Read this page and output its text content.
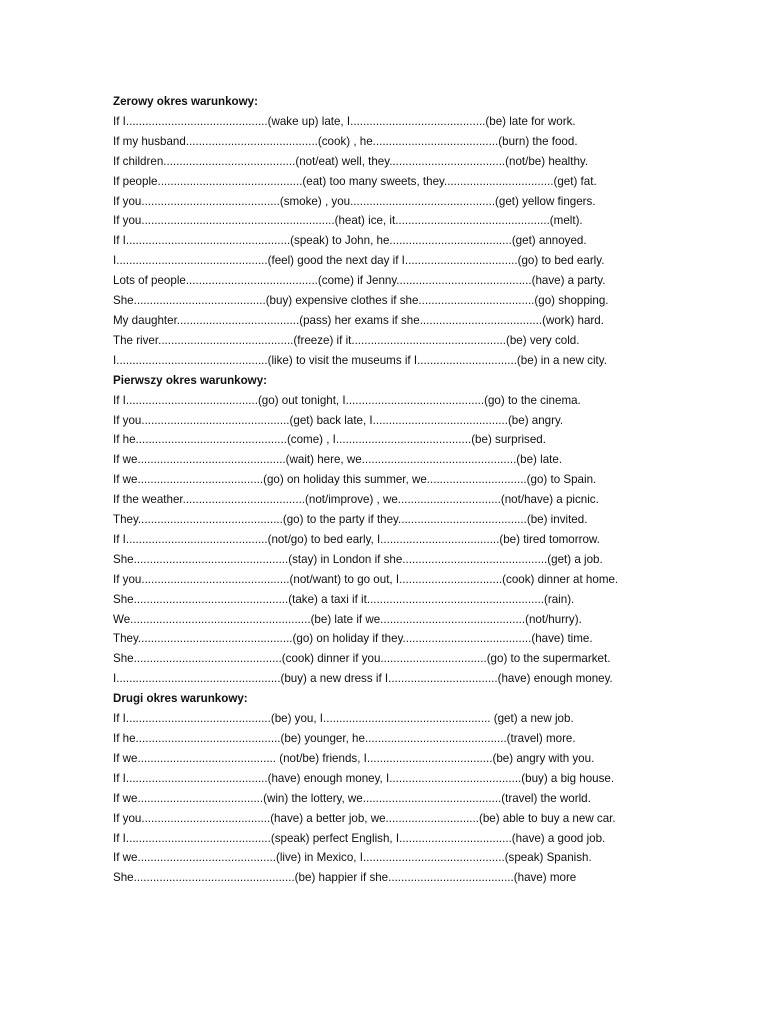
Zerowy okres warunkowy:

If I............................................(wake up) late, I..........................................(be) late for work.

If my husband.........................................(cook) , he.......................................(burn) the food.

If children.........................................(not/eat) well, they....................................(not/be) healthy.

If people.............................................(eat) too many sweets, they..................................(get) fat.

If you...........................................(smoke) , you.............................................(get) yellow fingers.

If you............................................................(heat) ice, it................................................(melt).

If I...................................................(speak) to John, he......................................(get) annoyed.

I...............................................(feel) good the next day if I...................................(go) to bed early.

Lots of people.........................................(come) if Jenny..........................................(have) a party.

She.........................................(buy) expensive clothes if she....................................(go) shopping.

My daughter......................................(pass) her exams if she......................................(work) hard.

The river..........................................(freeze) if it................................................(be) very cold.

I...............................................(like) to visit the museums if I...............................(be) in a new city.

Pierwszy okres warunkowy:

If I.........................................(go) out tonight, I...........................................(go) to the cinema.

If you..............................................(get) back late, I..........................................(be) angry.

If he...............................................(come) , I..........................................(be) surprised.

If we..............................................(wait) here, we................................................(be) late.

If we.......................................(go) on holiday this summer, we...............................(go) to Spain.

If the weather......................................(not/improve) , we................................(not/have) a picnic.

They.............................................(go) to the party if they........................................(be) invited.

If I............................................(not/go) to bed early, I.....................................(be) tired tomorrow.

She................................................(stay) in London if she.............................................(get) a job.

If you..............................................(not/want) to go out, I................................(cook) dinner at home.

She................................................(take) a taxi if it.......................................................(rain).

We........................................................(be) late if we.............................................(not/hurry).

They................................................(go) on holiday if they........................................(have) time.

She..............................................(cook) dinner if you.................................(go) to the supermarket.

I...................................................(buy) a new dress if I..................................(have) enough money.

Drugi okres warunkowy:

If I.............................................(be) you, I.................................................... (get) a new job.

If he.............................................(be) younger, he............................................(travel) more.

If we........................................... (not/be) friends, I.......................................(be) angry with you.

If I............................................(have) enough money, I.........................................(buy) a big house.

If we.......................................(win) the lottery, we...........................................(travel) the world.

If you........................................(have) a better job, we.............................(be) able to buy a new car.

If I.............................................(speak) perfect English, I...................................(have) a good job.

If we...........................................(live) in Mexico, I............................................(speak) Spanish.

She..................................................(be) happier if she.......................................(have) more
